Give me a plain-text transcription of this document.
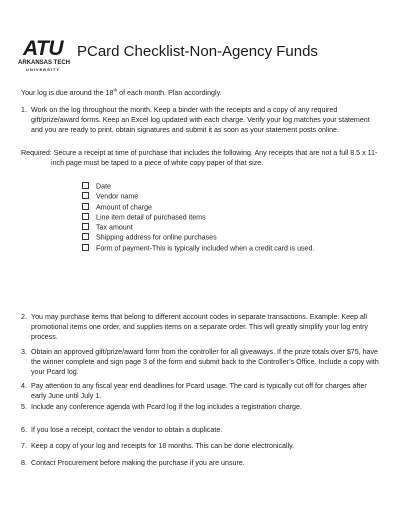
ATU
ARKANSAS TECH
UNIVERSITY
PCard Checklist-Non-Agency Funds
Your log is due around the 18th of each month. Plan accordingly.
1. Work on the log throughout the month. Keep a binder with the receipts and a copy of any required gift/prize/award forms. Keep an Excel log updated with each charge. Verify your log matches your statement and you are ready to print, obtain signatures and submit it as soon as your statement posts online.
Required: Secure a receipt at time of purchase that includes the following. Any receipts that are not a full 8.5 x 11-inch page must be taped to a piece of white copy paper of that size.
Date
Vendor name
Amount of charge
Line item detail of purchased items
Tax amount
Shipping address for online purchases
Form of payment-This is typically included when a credit card is used.
2. You may purchase items that belong to different account codes in separate transactions. Example: Keep all promotional items one order, and supplies items on a separate order. This will greatly simplify your log entry process.
3. Obtain an approved gift/prize/award form from the controller for all giveaways. If the prize totals over $75, have the winner complete and sign page 3 of the form and submit back to the Controller’s Office. Include a copy with your Pcard log.
4. Pay attention to any fiscal year end deadlines for Pcard usage. The card is typically cut off for charges after early June until July 1.
5. Include any conference agenda with Pcard log if the log includes a registration charge.
6. If you lose a receipt, contact the vendor to obtain a duplicate.
7. Keep a copy of your log and receipts for 18 months. This can be done electronically.
8. Contact Procurement before making the purchase if you are unsure.
